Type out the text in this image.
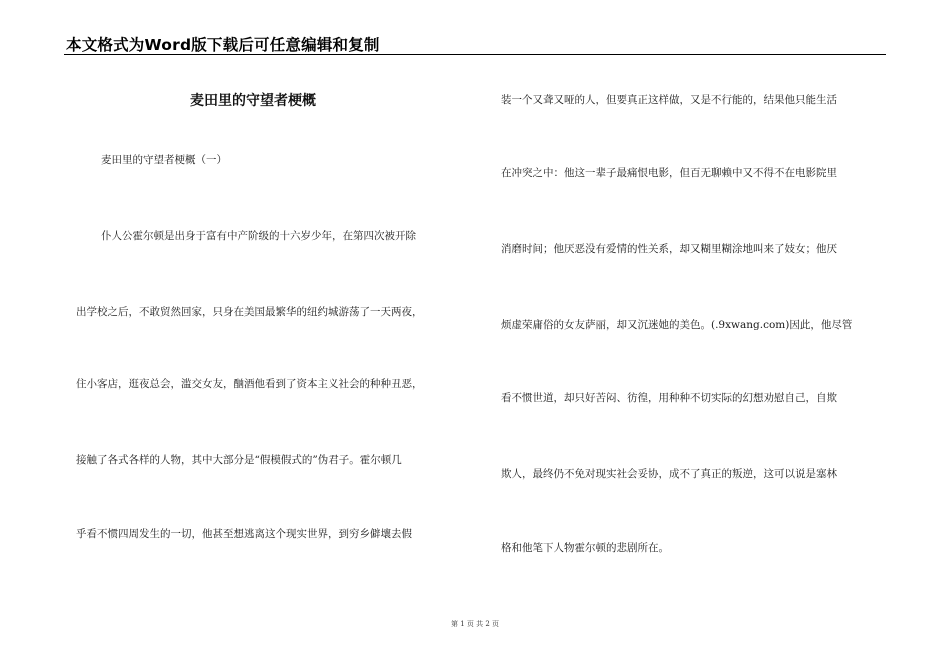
本文格式为Word版下载后可任意编辑和复制
麦田里的守望者梗概
麦田里的守望者梗概（一）
仆人公霍尔顿是出身于富有中产阶级的十六岁少年，在第四次被开除
出学校之后，不敢贸然回家，只身在美国最繁华的纽约城游荡了一天两夜，
住小客店，逛夜总会，滥交女友，酗酒他看到了资本主义社会的种种丑恶，
接触了各式各样的人物，其中大部分是“假模假式的”伪君子。霍尔顿几
乎看不惯四周发生的一切，他甚至想逃离这个现实世界，到穷乡僻壤去假
装一个又聋又哑的人，但要真正这样做，又是不行能的，结果他只能生活
在冲突之中：他这一辈子最痛恨电影，但百无聊赖中又不得不在电影院里
消磨时间；他厌恶没有爱情的性关系，却又糊里糊涂地叫来了妓女；他厌
烦虚荣庸俗的女友萨丽，却又沉迷她的美色。(.9xwang.com)因此，他尽管
看不惯世道，却只好苦闷、彷徨，用种种不切实际的幻想劝慰自己，自欺
欺人，最终仍不免对现实社会妥协，成不了真正的叛逆，这可以说是塞林
格和他笔下人物霍尔顿的悲剧所在。
第 1 页 共 2 页
